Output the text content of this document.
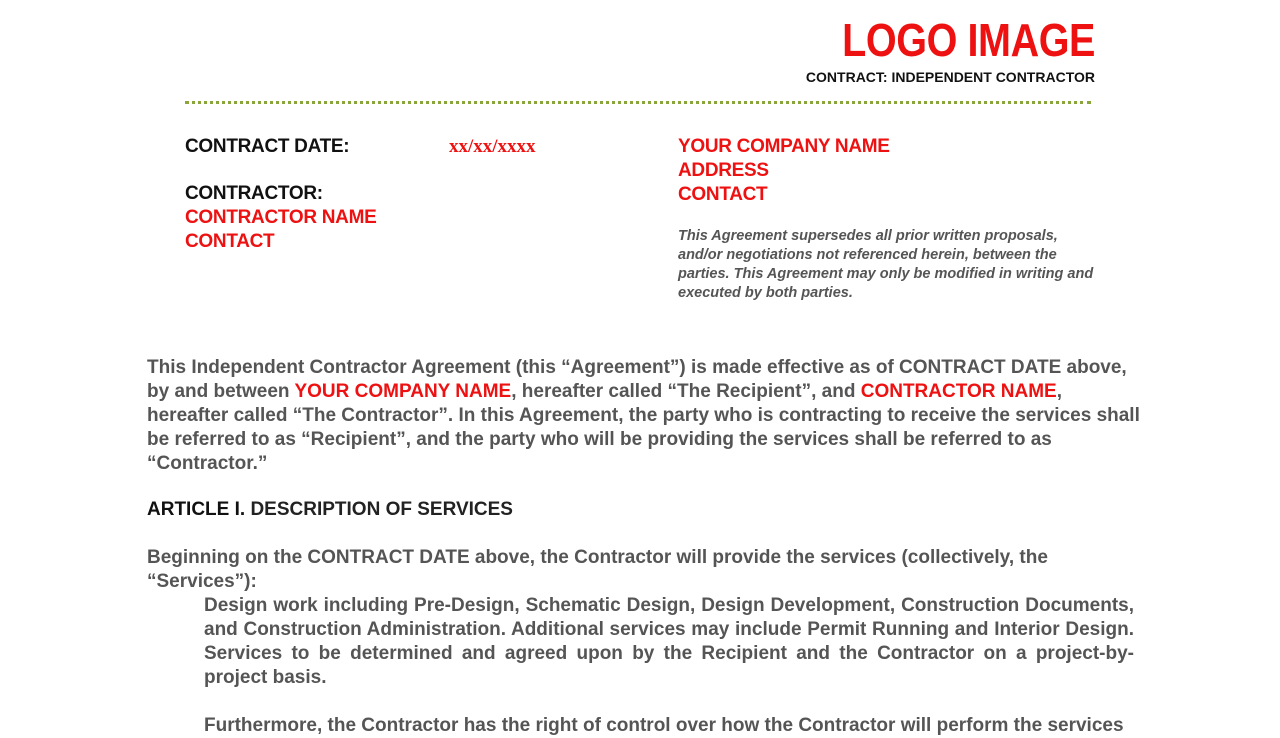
LOGO IMAGE
CONTRACT: INDEPENDENT CONTRACTOR
CONTRACT DATE:	xx/xx/xxxx
CONTRACTOR:
CONTRACTOR NAME
CONTACT
YOUR COMPANY NAME
ADDRESS
CONTACT
This Agreement supersedes all prior written proposals, and/or negotiations not referenced herein, between the parties. This Agreement may only be modified in writing and executed by both parties.
This Independent Contractor Agreement (this “Agreement”) is made effective as of CONTRACT DATE above, by and between YOUR COMPANY NAME, hereafter called “The Recipient”, and CONTRACTOR NAME, hereafter called “The Contractor”. In this Agreement, the party who is contracting to receive the services shall be referred to as “Recipient”, and the party who will be providing the services shall be referred to as “Contractor.”
ARTICLE I. DESCRIPTION OF SERVICES
Beginning on the CONTRACT DATE above, the Contractor will provide the services (collectively, the “Services”):
Design work including Pre-Design, Schematic Design, Design Development, Construction Documents, and Construction Administration. Additional services may include Permit Running and Interior Design. Services to be determined and agreed upon by the Recipient and the Contractor on a project-by-project basis.
Furthermore, the Contractor has the right of control over how the Contractor will perform the services
